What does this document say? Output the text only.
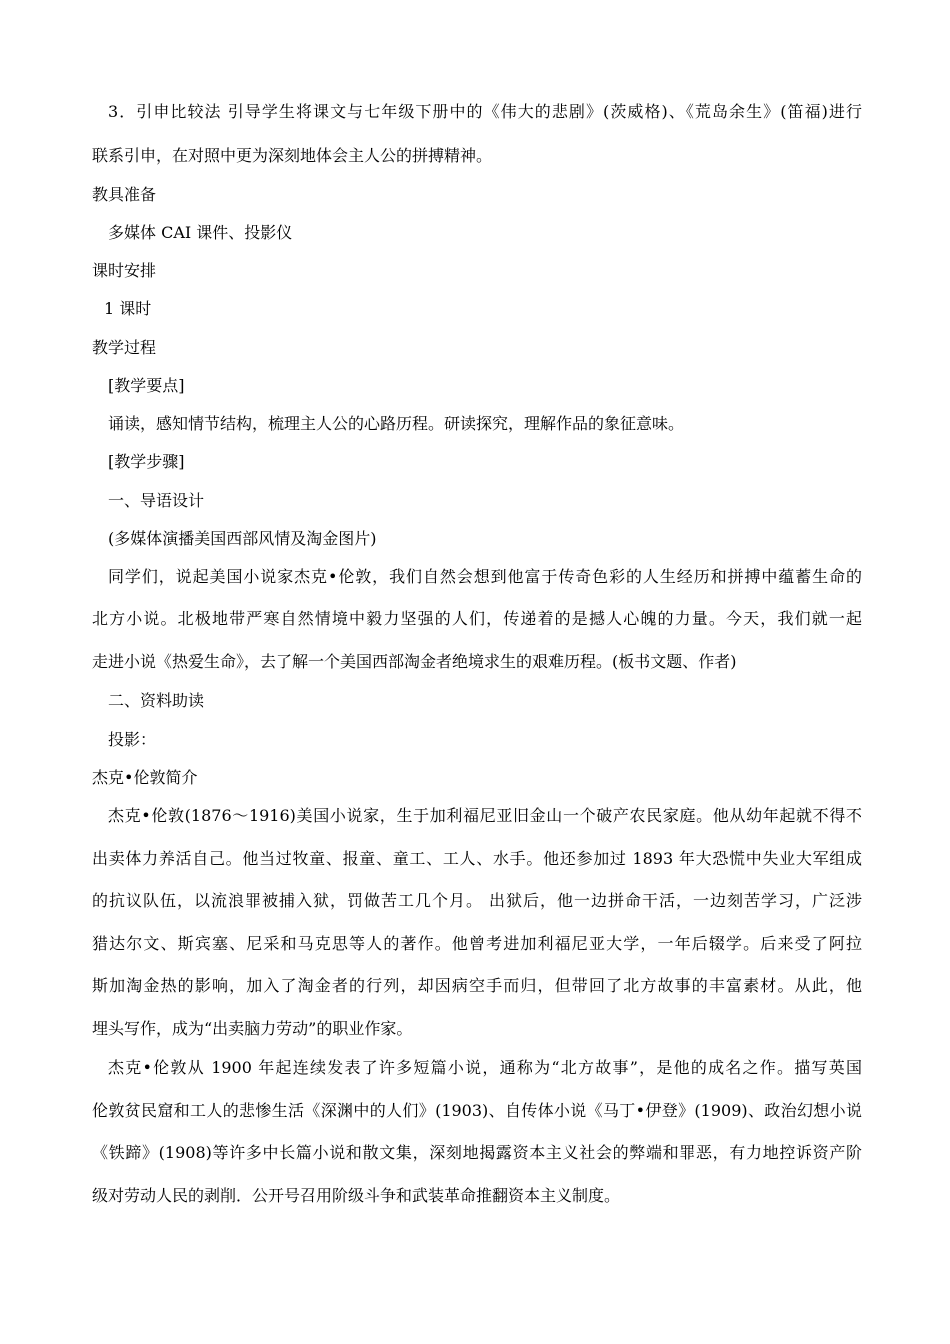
3．引申比较法 引导学生将课文与七年级下册中的《伟大的悲剧》(茨威格)、《荒岛余生》(笛福)进行
联系引申，在对照中更为深刻地体会主人公的拼搏精神。
教具准备
多媒体 CAI 课件、投影仪
课时安排
1 课时
教学过程
[教学要点]
诵读，感知情节结构，梳理主人公的心路历程。研读探究，理解作品的象征意味。
[教学步骤]
一、导语设计
(多媒体演播美国西部风情及淘金图片)
同学们，说起美国小说家杰克•伦敦，我们自然会想到他富于传奇色彩的人生经历和拼搏中蕴蓄生命的
北方小说。北极地带严寒自然情境中毅力坚强的人们，传递着的是撼人心魄的力量。今天，我们就一起
走进小说《热爱生命》，去了解一个美国西部淘金者绝境求生的艰难历程。(板书文题、作者)
二、资料助读
投影：
杰克•伦敦简介
杰克•伦敦(1876～1916)美国小说家，生于加利福尼亚旧金山一个破产农民家庭。他从幼年起就不得不
出卖体力养活自己。他当过牧童、报童、童工、工人、水手。他还参加过 1893 年大恐慌中失业大军组成
的抗议队伍，以流浪罪被捕入狱，罚做苦工几个月。 出狱后，他一边拼命干活，一边刻苦学习，广泛涉
猎达尔文、斯宾塞、尼采和马克思等人的著作。他曾考进加利福尼亚大学，一年后辍学。后来受了阿拉
斯加淘金热的影响，加入了淘金者的行列，却因病空手而归，但带回了北方故事的丰富素材。从此，他
埋头写作，成为“出卖脑力劳动”的职业作家。
杰克•伦敦从 1900 年起连续发表了许多短篇小说，通称为“北方故事”，是他的成名之作。描写英国
伦敦贫民窟和工人的悲惨生活《深渊中的人们》(1903)、自传体小说《马丁•伊登》(1909)、政治幻想小说
《铁蹄》(1908)等许多中长篇小说和散文集，深刻地揭露资本主义社会的弊端和罪恶，有力地控诉资产阶
级对劳动人民的剥削．公开号召用阶级斗争和武装革命推翻资本主义制度。
